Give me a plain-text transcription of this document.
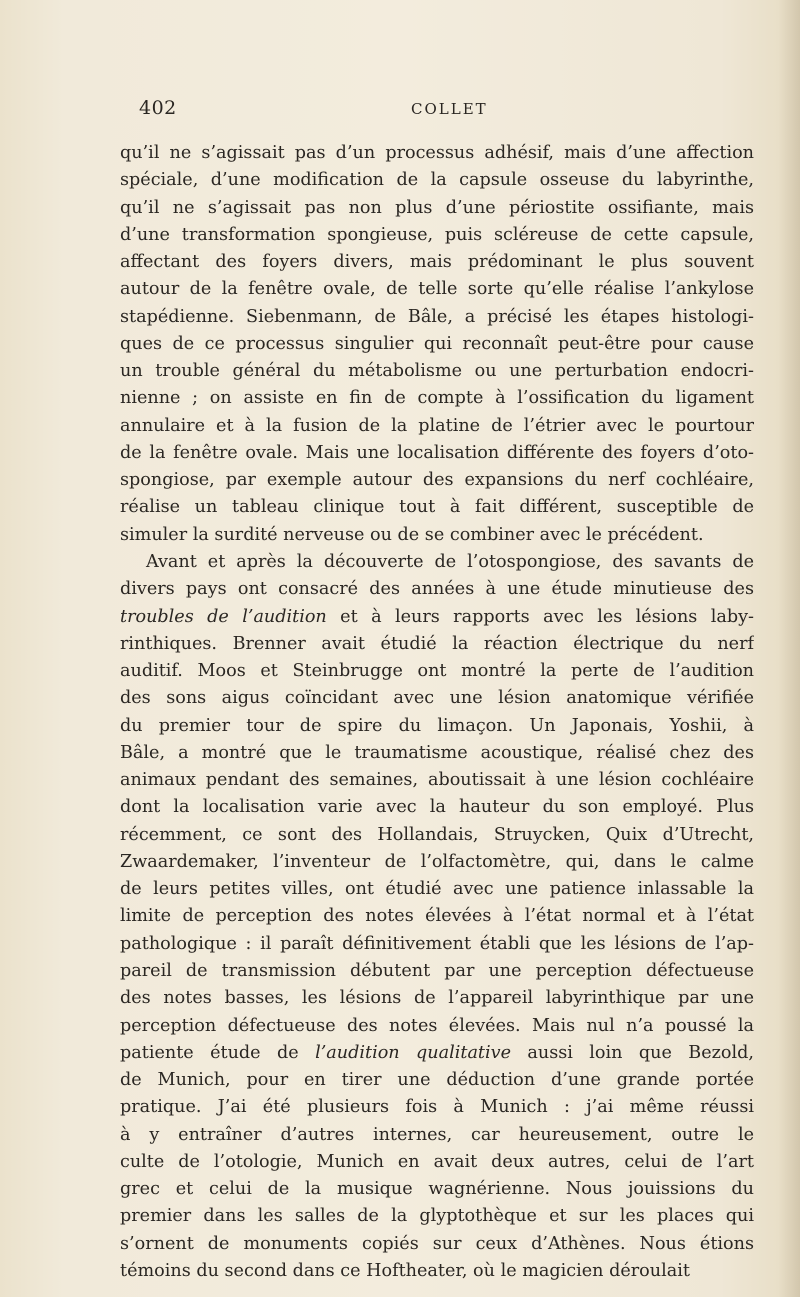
402	COLLET
qu’il ne s’agissait pas d’un processus adhésif, mais d’une affection
spéciale, d’une modification de la capsule osseuse du labyrinthe,
qu’il ne s’agissait pas non plus d’une périostite ossifiante, mais
d’une transformation spongieuse, puis scléreuse de cette capsule,
affectant des foyers divers, mais prédominant le plus souvent
autour de la fenêtre ovale, de telle sorte qu’elle réalise l’ankylose
stapédienne. Siebenmann, de Bâle, a précisé les étapes histologi-
ques de ce processus singulier qui reconnaît peut-être pour cause
un trouble général du métabolisme ou une perturbation endocri-
nienne ; on assiste en fin de compte à l’ossification du ligament
annulaire et à la fusion de la platine de l’étrier avec le pourtour
de la fenêtre ovale. Mais une localisation différente des foyers d’oto-
spongiose, par exemple autour des expansions du nerf cochléaire,
réalise un tableau clinique tout à fait différent, susceptible de
simuler la surdité nerveuse ou de se combiner avec le précédent.
Avant et après la découverte de l’otospongiose, des savants de
divers pays ont consacré des années à une étude minutieuse des
troubles de l’audition et à leurs rapports avec les lésions laby-
rinthiques. Brenner avait étudié la réaction électrique du nerf
auditif. Moos et Steinbrugge ont montré la perte de l’audition
des sons aigus coïncidant avec une lésion anatomique vérifiée
du premier tour de spire du limaçon. Un Japonais, Yoshii, à
Bâle, a montré que le traumatisme acoustique, réalisé chez des
animaux pendant des semaines, aboutissait à une lésion cochléaire
dont la localisation varie avec la hauteur du son employé. Plus
récemment, ce sont des Hollandais, Struycken, Quix d’Utrecht,
Zwaardemaker, l’inventeur de l’olfactomètre, qui, dans le calme
de leurs petites villes, ont étudié avec une patience inlassable la
limite de perception des notes élevées à l’état normal et à l’état
pathologique : il paraît définitivement établi que les lésions de l’ap-
pareil de transmission débutent par une perception défectueuse
des notes basses, les lésions de l’appareil labyrinthique par une
perception défectueuse des notes élevées. Mais nul n’a poussé la
patiente étude de l’audition qualitative aussi loin que Bezold,
de Munich, pour en tirer une déduction d’une grande portée
pratique. J’ai été plusieurs fois à Munich : j’ai même réussi
à y entraîner d’autres internes, car heureusement, outre le
culte de l’otologie, Munich en avait deux autres, celui de l’art
grec et celui de la musique wagnérienne. Nous jouissions du
premier dans les salles de la glyptothèque et sur les places qui
s’ornent de monuments copiés sur ceux d’Athènes. Nous étions
témoins du second dans ce Hoftheater, où le magicien déroulait
